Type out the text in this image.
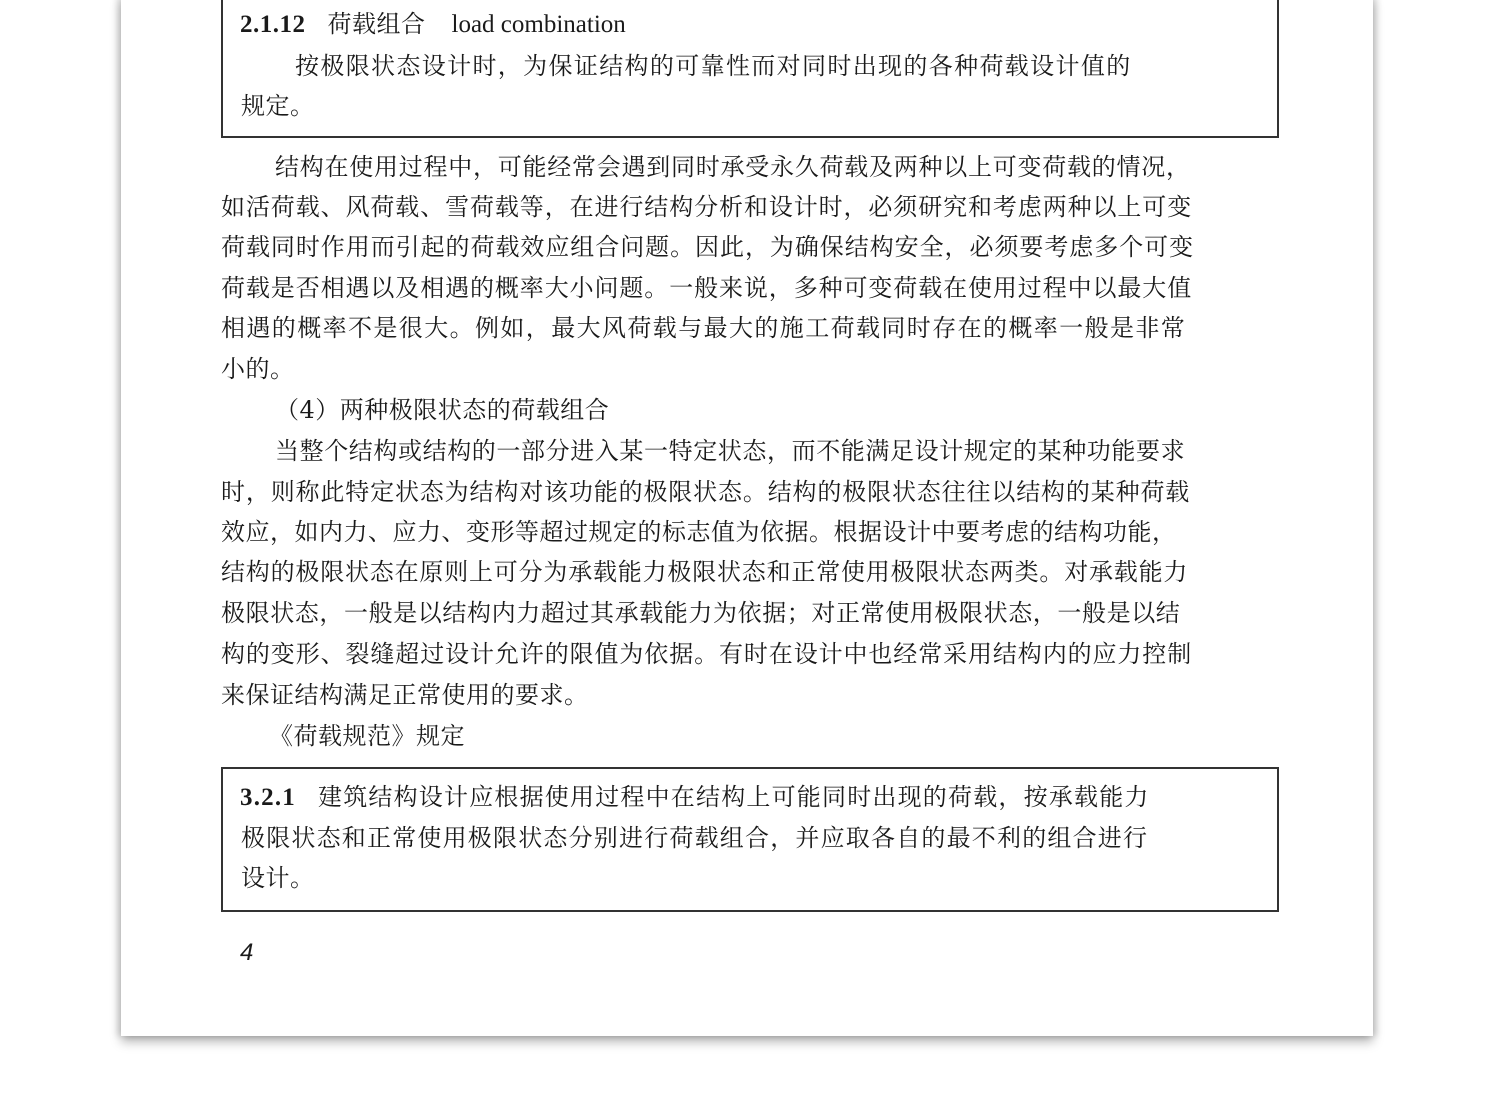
2.1.12 荷载组合 load combination
按极限状态设计时，为保证结构的可靠性而对同时出现的各种荷载设计值的
规定。
结构在使用过程中，可能经常会遇到同时承受永久荷载及两种以上可变荷载的情况，
如活荷载、风荷载、雪荷载等，在进行结构分析和设计时，必须研究和考虑两种以上可变
荷载同时作用而引起的荷载效应组合问题。因此，为确保结构安全，必须要考虑多个可变
荷载是否相遇以及相遇的概率大小问题。一般来说，多种可变荷载在使用过程中以最大值
相遇的概率不是很大。例如，最大风荷载与最大的施工荷载同时存在的概率一般是非常
小的。
（4）两种极限状态的荷载组合
当整个结构或结构的一部分进入某一特定状态，而不能满足设计规定的某种功能要求
时，则称此特定状态为结构对该功能的极限状态。结构的极限状态往往以结构的某种荷载
效应，如内力、应力、变形等超过规定的标志值为依据。根据设计中要考虑的结构功能，
结构的极限状态在原则上可分为承载能力极限状态和正常使用极限状态两类。对承载能力
极限状态，一般是以结构内力超过其承载能力为依据；对正常使用极限状态，一般是以结
构的变形、裂缝超过设计允许的限值为依据。有时在设计中也经常采用结构内的应力控制
来保证结构满足正常使用的要求。
《荷载规范》规定
3.2.1 建筑结构设计应根据使用过程中在结构上可能同时出现的荷载，按承载能力
极限状态和正常使用极限状态分别进行荷载组合，并应取各自的最不利的组合进行
设计。
4
